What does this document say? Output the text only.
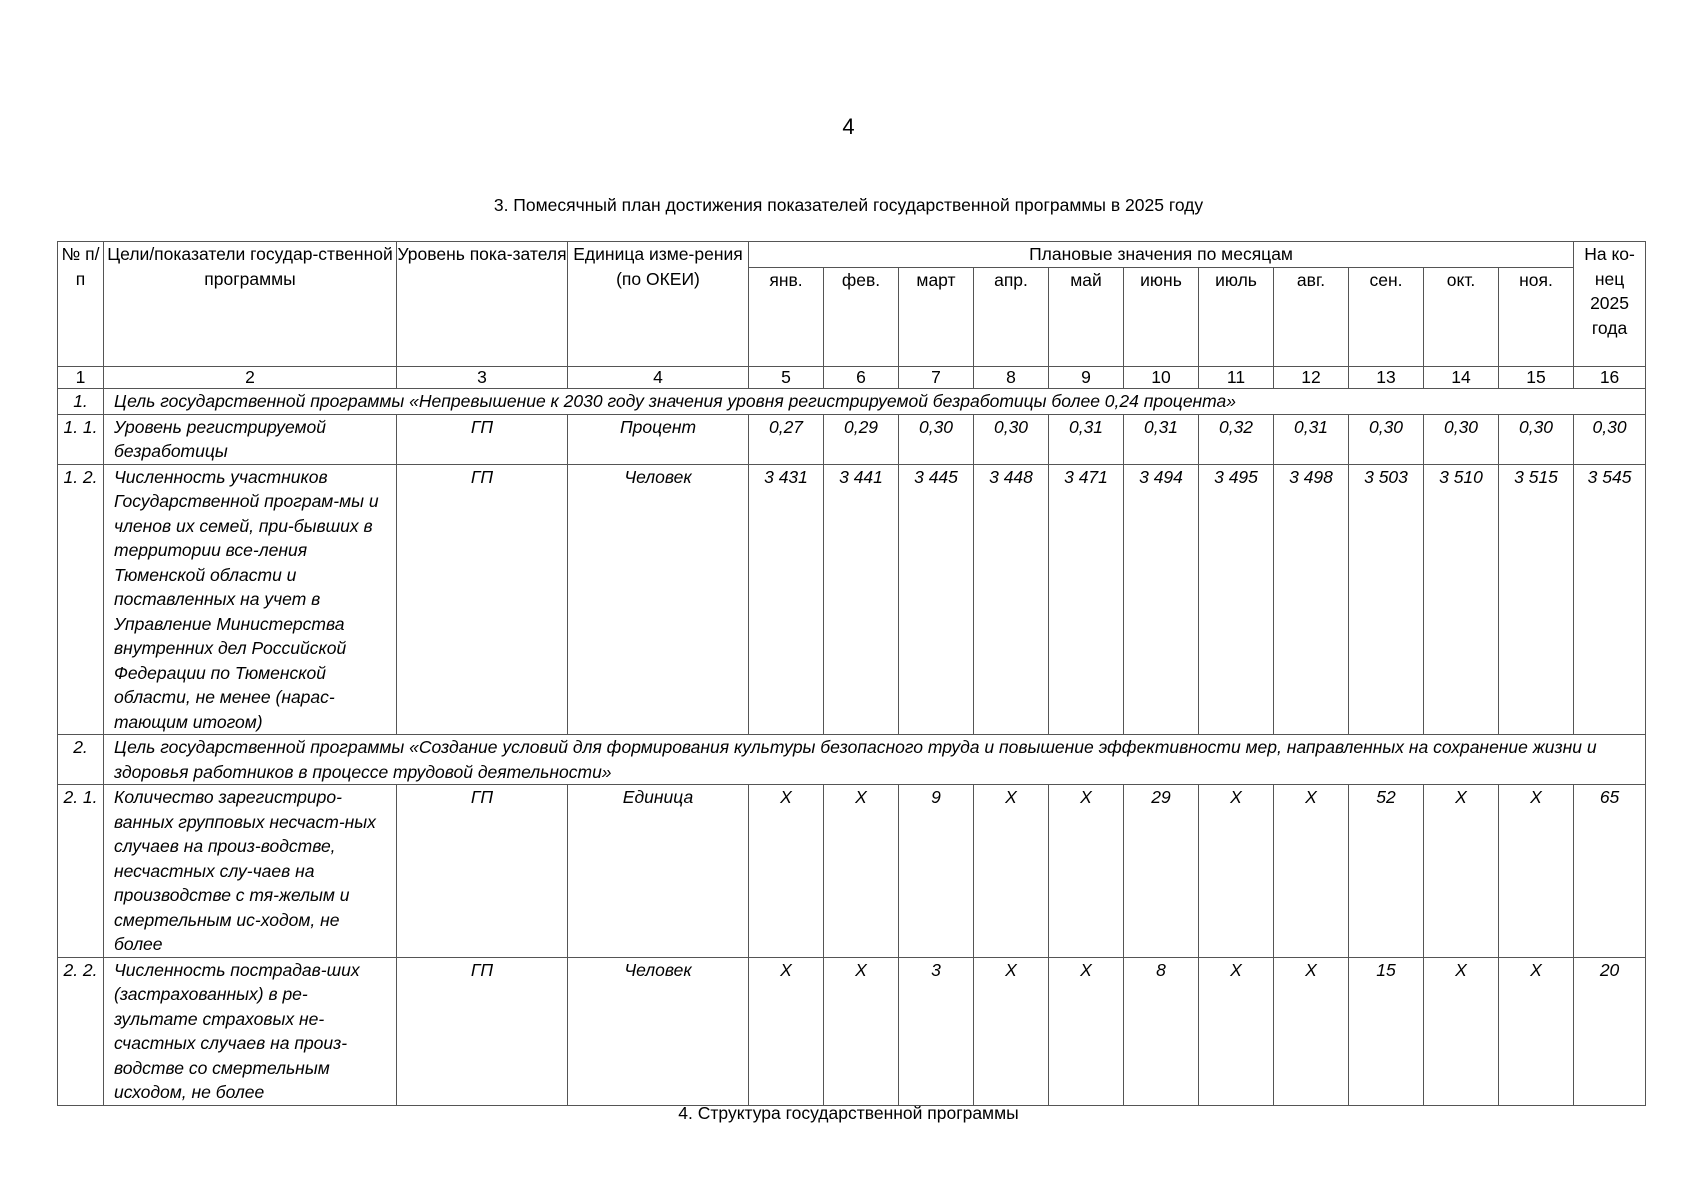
4
3. Помесячный план достижения показателей государственной программы в 2025 году
№ п/п	Цели/показатели государ-ственной программы	Уровень пока-зателя	Единица изме-рения (по ОКЕИ)	Плановые значения по месяцам											На ко-нец 2025 года
				янв.	фев.	март	апр.	май	июнь	июль	авг.	сен.	окт.	ноя.	
1	2	3	4	5	6	7	8	9	10	11	12	13	14	15	16
1.	Цель государственной программы «Непревышение к 2030 году значения уровня регистрируемой безработицы более 0,24 процента»														
1. 1.	Уровень регистрируемой безработицы	ГП	Процент	0,27	0,29	0,30	0,30	0,31	0,31	0,32	0,31	0,30	0,30	0,30	0,30
1. 2.	Численность участников Государственной програм-мы и членов их семей, при-бывших в территории все-ления Тюменской области и поставленных на учет в Управление Министерства внутренних дел Российской Федерации по Тюменской области, не менее (нарас-тающим итогом)	ГП	Человек	3 431	3 441	3 445	3 448	3 471	3 494	3 495	3 498	3 503	3 510	3 515	3 545
2.	Цель государственной программы «Создание условий для формирования культуры безопасного труда и повышение эффективности мер, направленных на сохранение жизни и здоровья работников в процессе трудовой деятельности»														
2. 1.	Количество зарегистриро-ванных групповых несчаст-ных случаев на произ-водстве, несчастных слу-чаев на производстве с тя-желым и смертельным ис-ходом, не более	ГП	Единица	X	X	9	X	X	29	X	X	52	X	X	65
2. 2.	Численность пострадав-ших (застрахованных) в ре-зультате страховых не-счастных случаев на произ-водстве со смертельным исходом, не более	ГП	Человек	X	X	3	X	X	8	X	X	15	X	X	20
4. Структура государственной программы
